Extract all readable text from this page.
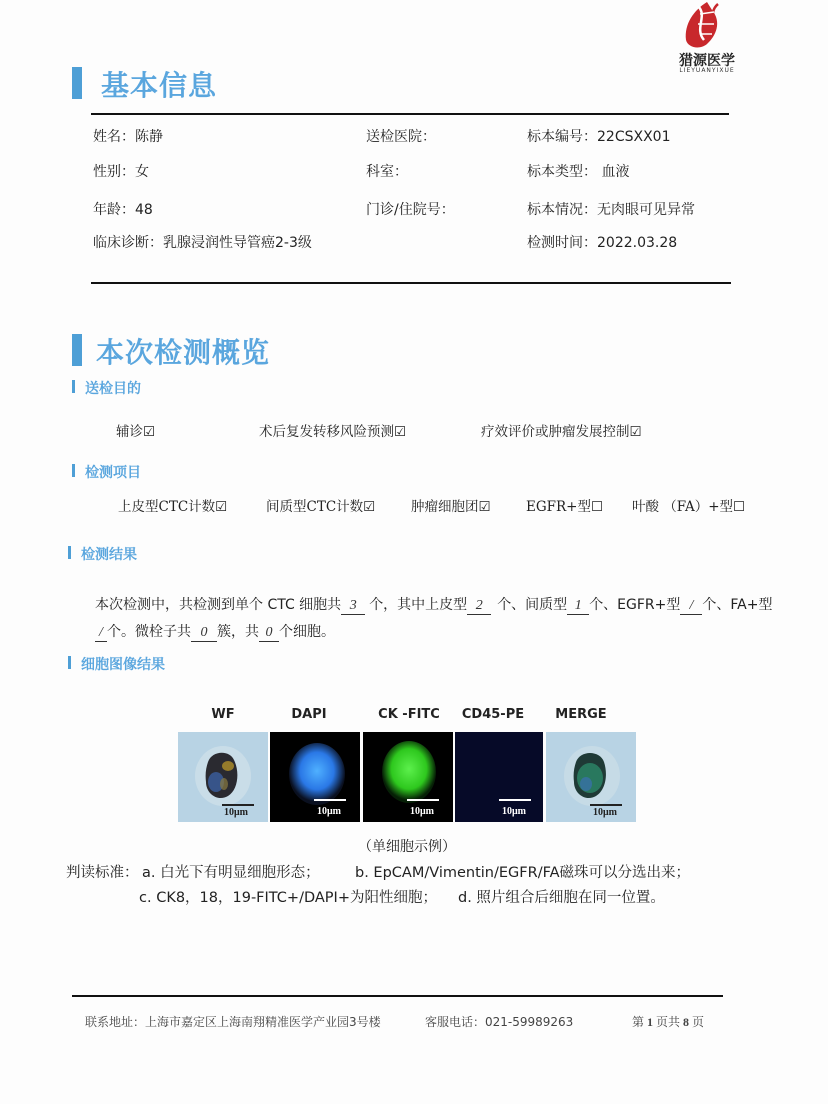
猎源医学
LIEYUANYIXUE
基本信息
姓名：陈静	送检医院：	标本编号：22CSXX01
性别：女	科室：	标本类型： 血液
年龄：48	门诊/住院号：	标本情况：无肉眼可见异常
临床诊断：乳腺浸润性导管癌2-3级	检测时间：2022.03.28
本次检测概览
送检目的
辅诊☑	术后复发转移风险预测☑	疗效评价或肿瘤发展控制☑
检测项目
上皮型CTC计数☑	间质型CTC计数☑	肿瘤细胞团☑	EGFR+型☐ 叶酸 （FA）+型☐
检测结果
本次检测中，共检测到单个 CTC 细胞共 3 个，其中上皮型 2 个、间质型 1 个、EGFR+型 / 个、FA+型
/ 个。微栓子共 0 簇，共 0 个细胞。
细胞图像结果
WF	DAPI	CK -FITC	CD45-PE	MERGE
10μm	10μm	10μm	10μm	10μm
（单细胞示例）
判读标准： a. 白光下有明显细胞形态； b. EpCAM/Vimentin/EGFR/FA磁珠可以分选出来；
c. CK8，18，19-FITC+/DAPI+为阳性细胞； d. 照片组合后细胞在同一位置。
联系地址：上海市嘉定区上海南翔精准医学产业园3号楼	客服电话：021-59989263	第 1 页共 8 页
